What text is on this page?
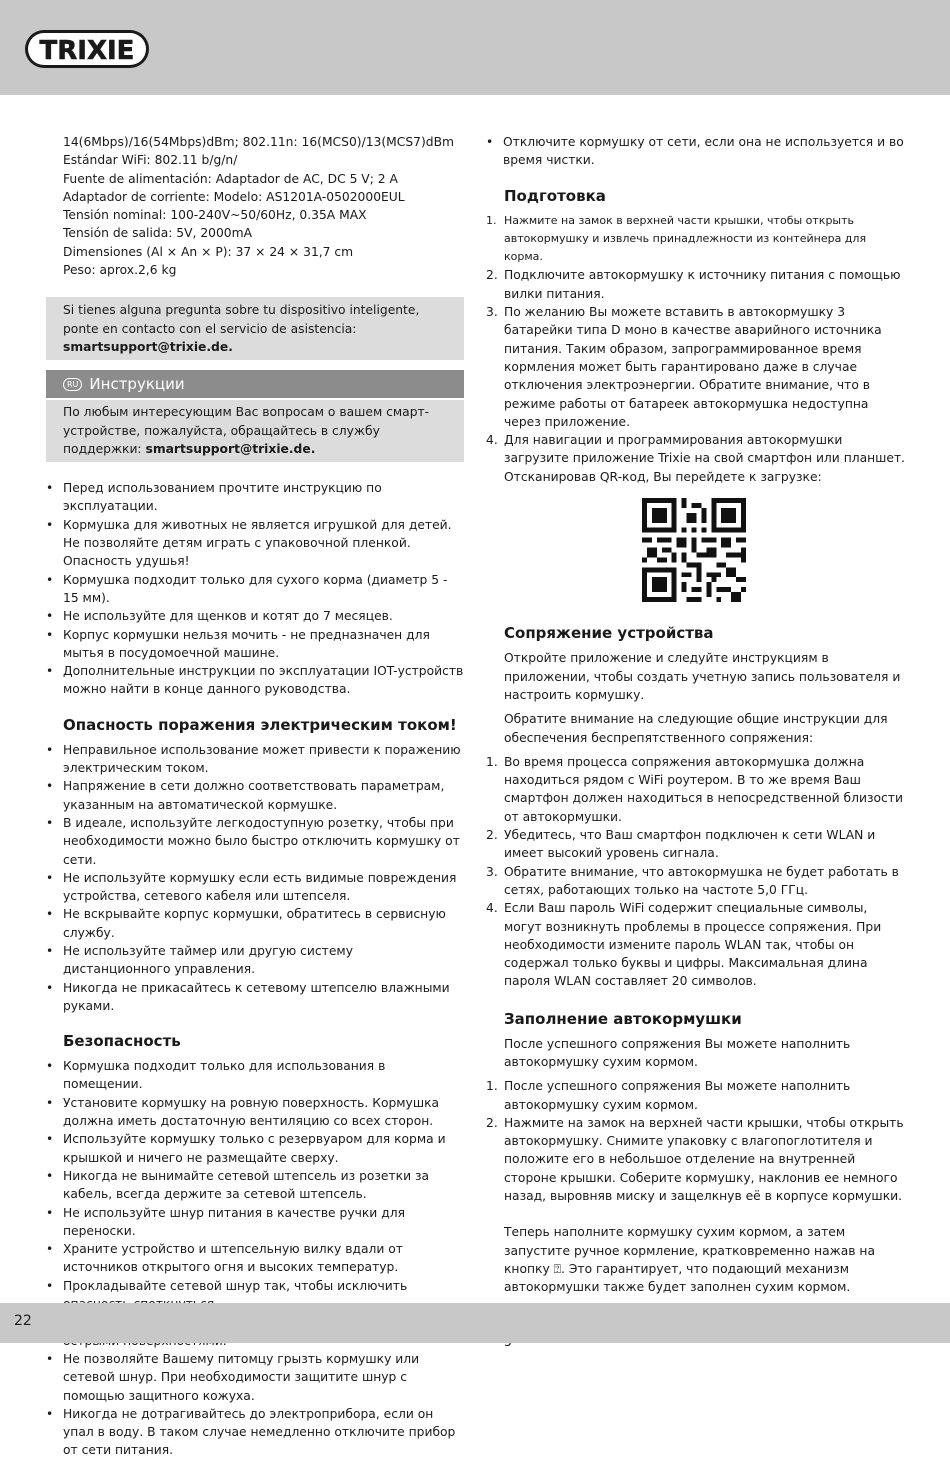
TRIXIE
14(6Mbps)/16(54Mbps)dBm; 802.11n: 16(MCS0)/13(MCS7)dBm
Estándar WiFi: 802.11 b/g/n/
Fuente de alimentación: Adaptador de AC, DC 5 V; 2 A
Adaptador de corriente: Modelo: AS1201A-0502000EUL
Tensión nominal: 100-240V~50/60Hz, 0.35A MAX
Tensión de salida: 5V, 2000mA
Dimensiones (Al × An × P): 37 × 24 × 31,7 cm
Peso: aprox.2,6 kg
Si tienes alguna pregunta sobre tu dispositivo inteligente, ponte en contacto con el servicio de asistencia: smartsupport@trixie.de.
RU Инструкции
По любым интересующим Вас вопросам о вашем смарт-устройстве, пожалуйста, обращайтесь в службу поддержки: smartsupport@trixie.de.
• Перед использованием прочтите инструкцию по эксплуатации.
• Кормушка для животных не является игрушкой для детей. Не позволяйте детям играть с упаковочной пленкой. Опасность удушья!
• Кормушка подходит только для сухого корма (диаметр 5 - 15 мм).
• Не используйте для щенков и котят до 7 месяцев.
• Корпус кормушки нельзя мочить - не предназначен для мытья в посудомоечной машине.
• Дополнительные инструкции по эксплуатации IOT-устройств можно найти в конце данного руководства.
Опасность поражения электрическим током!
• Неправильное использование может привести к поражению электрическим током.
• Напряжение в сети должно соответствовать параметрам, указанным на автоматической кормушке.
• В идеале, используйте легкодоступную розетку, чтобы при необходимости можно было быстро отключить кормушку от сети.
• Не используйте кормушку если есть видимые повреждения устройства, сетевого кабеля или штепселя.
• Не вскрывайте корпус кормушки, обратитесь в сервисную службу.
• Не используйте таймер или другую систему дистанционного управления.
• Никогда не прикасайтесь к сетевому штепселю влажными руками.
Безопасность
• Кормушка подходит только для использования в помещении.
• Установите кормушку на ровную поверхность. Кормушка должна иметь достаточную вентиляцию со всех сторон.
• Используйте кормушку только с резервуаром для корма и крышкой и ничего не размещайте сверху.
• Никогда не вынимайте сетевой штепсель из розетки за кабель, всегда держите за сетевой штепсель.
• Не используйте шнур питания в качестве ручки для переноски.
• Храните устройство и штепсельную вилку вдали от источников открытого огня и высоких температур.
• Прокладывайте сетевой шнур так, чтобы исключить
•
• Не позволяйте Вашему питомцу грызть кормушку или сетевой шнур. При необходимости защитите шнур с помощью защитного кожуха.
• Никогда не дотрагивайтесь до электроприбора, если он упал в воду. В таком случае немедленно отключите прибор от сети питания.
• Отключите кормушку от сети, если она не используется и во время чистки.
Подготовка
1. Нажмите на замок в верхней части крышки, чтобы открыть автокормушку и извлечь принадлежности из контейнера для корма.
2. Подключите автокормушку к источнику питания с помощью вилки питания.
3. По желанию Вы можете вставить в автокормушку 3 батарейки типа D моно в качестве аварийного источника питания. Таким образом, запрограммированное время кормления может быть гарантировано даже в случае отключения электроэнергии. Обратите внимание, что в режиме работы от батареек автокормушка недоступна через приложение.
4. Для навигации и программирования автокормушки загрузите приложение Trixie на свой смартфон или планшет. Отсканировав QR-код, Вы перейдете к загрузке:
Сопряжение устройства

Откройте приложение и следуйте инструкциям в приложении, чтобы создать учетную запись пользователя и настроить кормушку.

Обратите внимание на следующие общие инструкции для обеспечения беспрепятственного сопряжения:

1. Во время процесса сопряжения автокормушка должна находиться рядом с WiFi роутером. В то же время Ваш смартфон должен находиться в непосредственной близости от автокормушки.
2. Убедитесь, что Ваш смартфон подключен к сети WLAN и имеет высокий уровень сигнала.
3. Обратите внимание, что автокормушка не будет работать в сетях, работающих только на частоте 5,0 ГГц.
4. Если Ваш пароль WiFi содержит специальные символы, могут возникнуть проблемы в процессе сопряжения. При необходимости измените пароль WLAN так, чтобы он содержал только буквы и цифры. Максимальная длина пароля WLAN составляет 20 символов.
Заполнение автокормушки

После успешного сопряжения Вы можете наполнить автокормушку сухим кормом.

1. После успешного сопряжения Вы можете наполнить автокормушку сухим кормом.
2. Нажмите на замок на верхней части крышки, чтобы открыть автокормушку. Снимите упаковку с влагопоглотителя и положите его в небольшое отделение на внутренней стороне крышки. Соберите кормушку, наклонив ее немного назад, выровняв миску и защелкнув её в корпусе кормушки.

Теперь наполните кормушку сухим кормом, а затем запустите ручное кормление, кратковременно нажав на кнопку ⍰. Это гарантирует, что подающий механизм автокормушки также будет заполнен сухим кормом.

22
